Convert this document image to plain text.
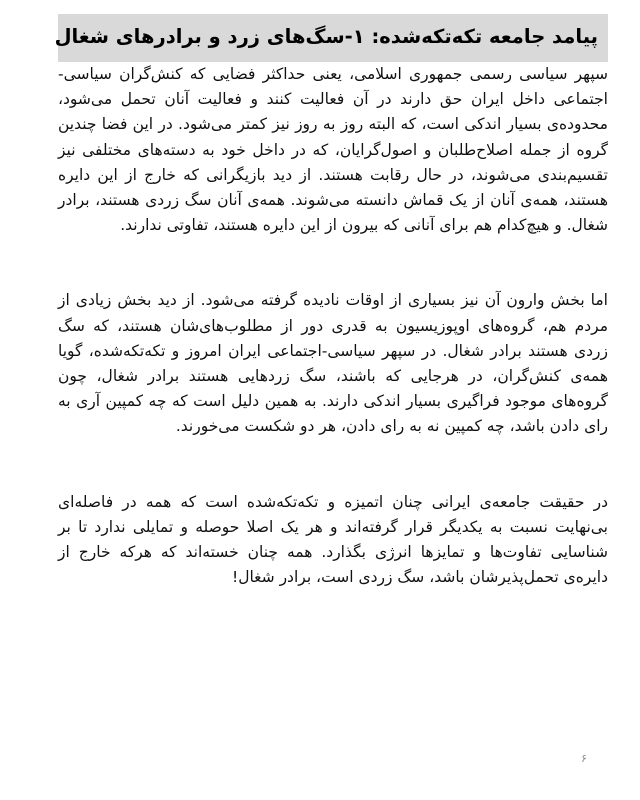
پیامد جامعه تکه‌تکه‌شده: ۱-سگ‌های زرد و برادرهای شغال

سپهر سیاسی رسمی جمهوری اسلامی، یعنی حداکثر فضایی که کنش‌گران سیاسی-اجتماعی داخل ایران حق دارند در آن فعالیت کنند و فعالیت آنان تحمل می‌شود، محدوده‌ی بسیار اندکی است، که البته روز به روز نیز کمتر می‌شود. در این فضا چندین گروه از جمله اصلاح‌طلبان و اصول‌گرایان، که در داخل خود به دسته‌های مختلفی نیز تقسیم‌بندی می‌شوند، در حال رقابت هستند. از دید بازیگرانی که خارج از این دایره هستند، همه‌ی آنان از یک قماش دانسته می‌شوند. همه‌ی آنان سگ زردی هستند، برادر شغال. و هیچ‌کدام هم برای آنانی که بیرون از این دایره هستند، تفاوتی ندارند.

اما بخش وارون آن نیز بسیاری از اوقات نادیده گرفته می‌شود. از دید بخش زیادی از مردم هم، گروه‌های اوپوزیسیون به قدری دور از مطلوب‌های‌شان هستند، که سگ زردی هستند برادر شغال. در سپهر سیاسی-اجتماعی ایران امروز و تکه‌تکه‌شده، گویا همه‌ی کنش‌گران، در هرجایی که باشند، سگ زردهایی هستند برادر شغال، چون گروه‌های موجود فراگیری بسیار اندکی دارند. به همین دلیل است که چه کمپین آری به رای دادن باشد، چه کمپین نه به رای دادن، هر دو شکست می‌خورند.

در حقیقت جامعه‌ی ایرانی چنان اتمیزه و تکه‌تکه‌شده است که همه در فاصله‌ای بی‌نهایت نسبت به یکدیگر قرار گرفته‌اند و هر یک اصلا حوصله و تمایلی ندارد تا بر شناسایی تفاوت‌ها و تمایزها انرژی بگذارد. همه چنان خسته‌اند که هرکه خارج از دایره‌ی تحمل‌پذیرشان باشد، سگ زردی است، برادر شغال!

۶
